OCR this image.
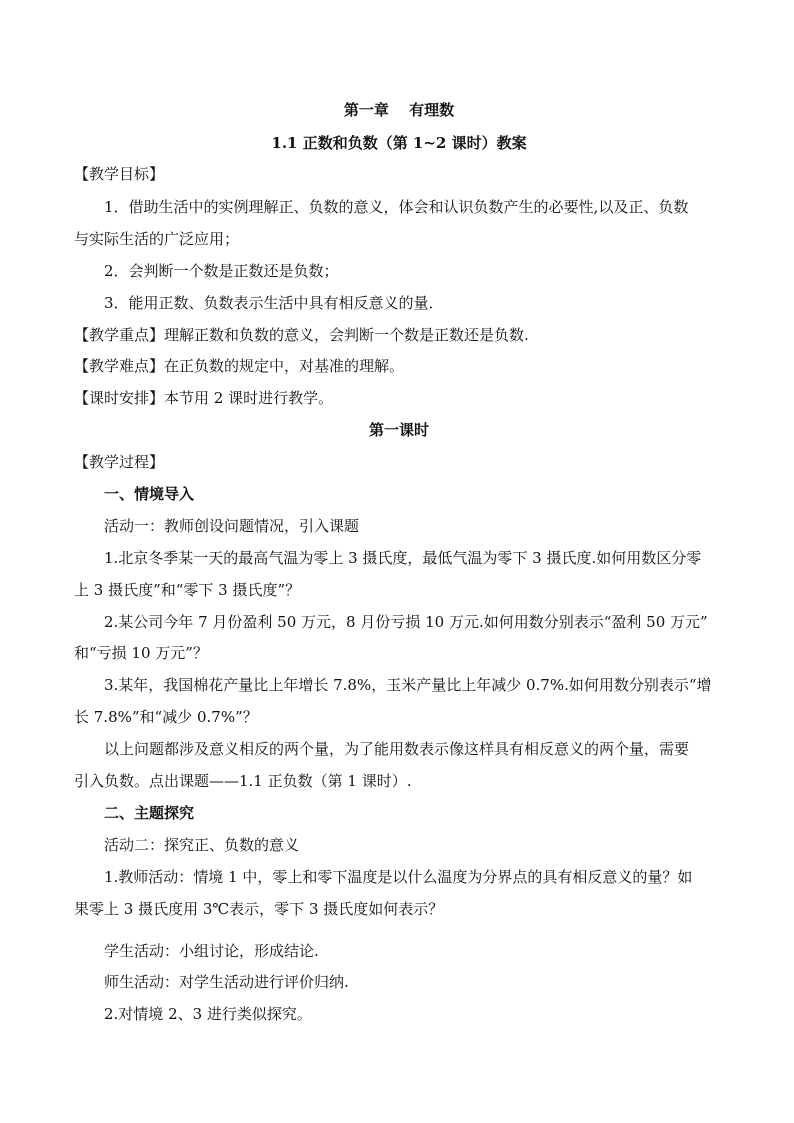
第一章　 有理数
1.1 正数和负数（第 1~2 课时）教案
【教学目标】
1．借助生活中的实例理解正、负数的意义，体会和认识负数产生的必要性,以及正、负数
与实际生活的广泛应用；
2．会判断一个数是正数还是负数；
3．能用正数、负数表示生活中具有相反意义的量．
【教学重点】理解正数和负数的意义，会判断一个数是正数还是负数.
【教学难点】在正负数的规定中，对基准的理解。
【课时安排】本节用 2 课时进行教学。
第一课时
【教学过程】
一、情境导入
活动一：教师创设问题情况，引入课题
1.北京冬季某一天的最高气温为零上 3 摄氏度，最低气温为零下 3 摄氏度.如何用数区分零
上 3 摄氏度”和“零下 3 摄氏度”？
2.某公司今年 7 月份盈利 50 万元，8 月份亏损 10 万元.如何用数分别表示“盈利 50 万元”
和“亏损 10 万元”？
3.某年，我国棉花产量比上年增长 7.8%，玉米产量比上年减少 0.7%.如何用数分别表示“增
长 7.8%”和“减少 0.7%”？
以上问题都涉及意义相反的两个量，为了能用数表示像这样具有相反意义的两个量，需要
引入负数。点出课题——1.1 正负数（第 1 课时）.
二、主题探究
活动二：探究正、负数的意义
1.教师活动：情境 1 中，零上和零下温度是以什么温度为分界点的具有相反意义的量？如
果零上 3 摄氏度用 3℃表示，零下 3 摄氏度如何表示？
学生活动：小组讨论，形成结论.
师生活动：对学生活动进行评价归纳.
2.对情境 2、3 进行类似探究。
